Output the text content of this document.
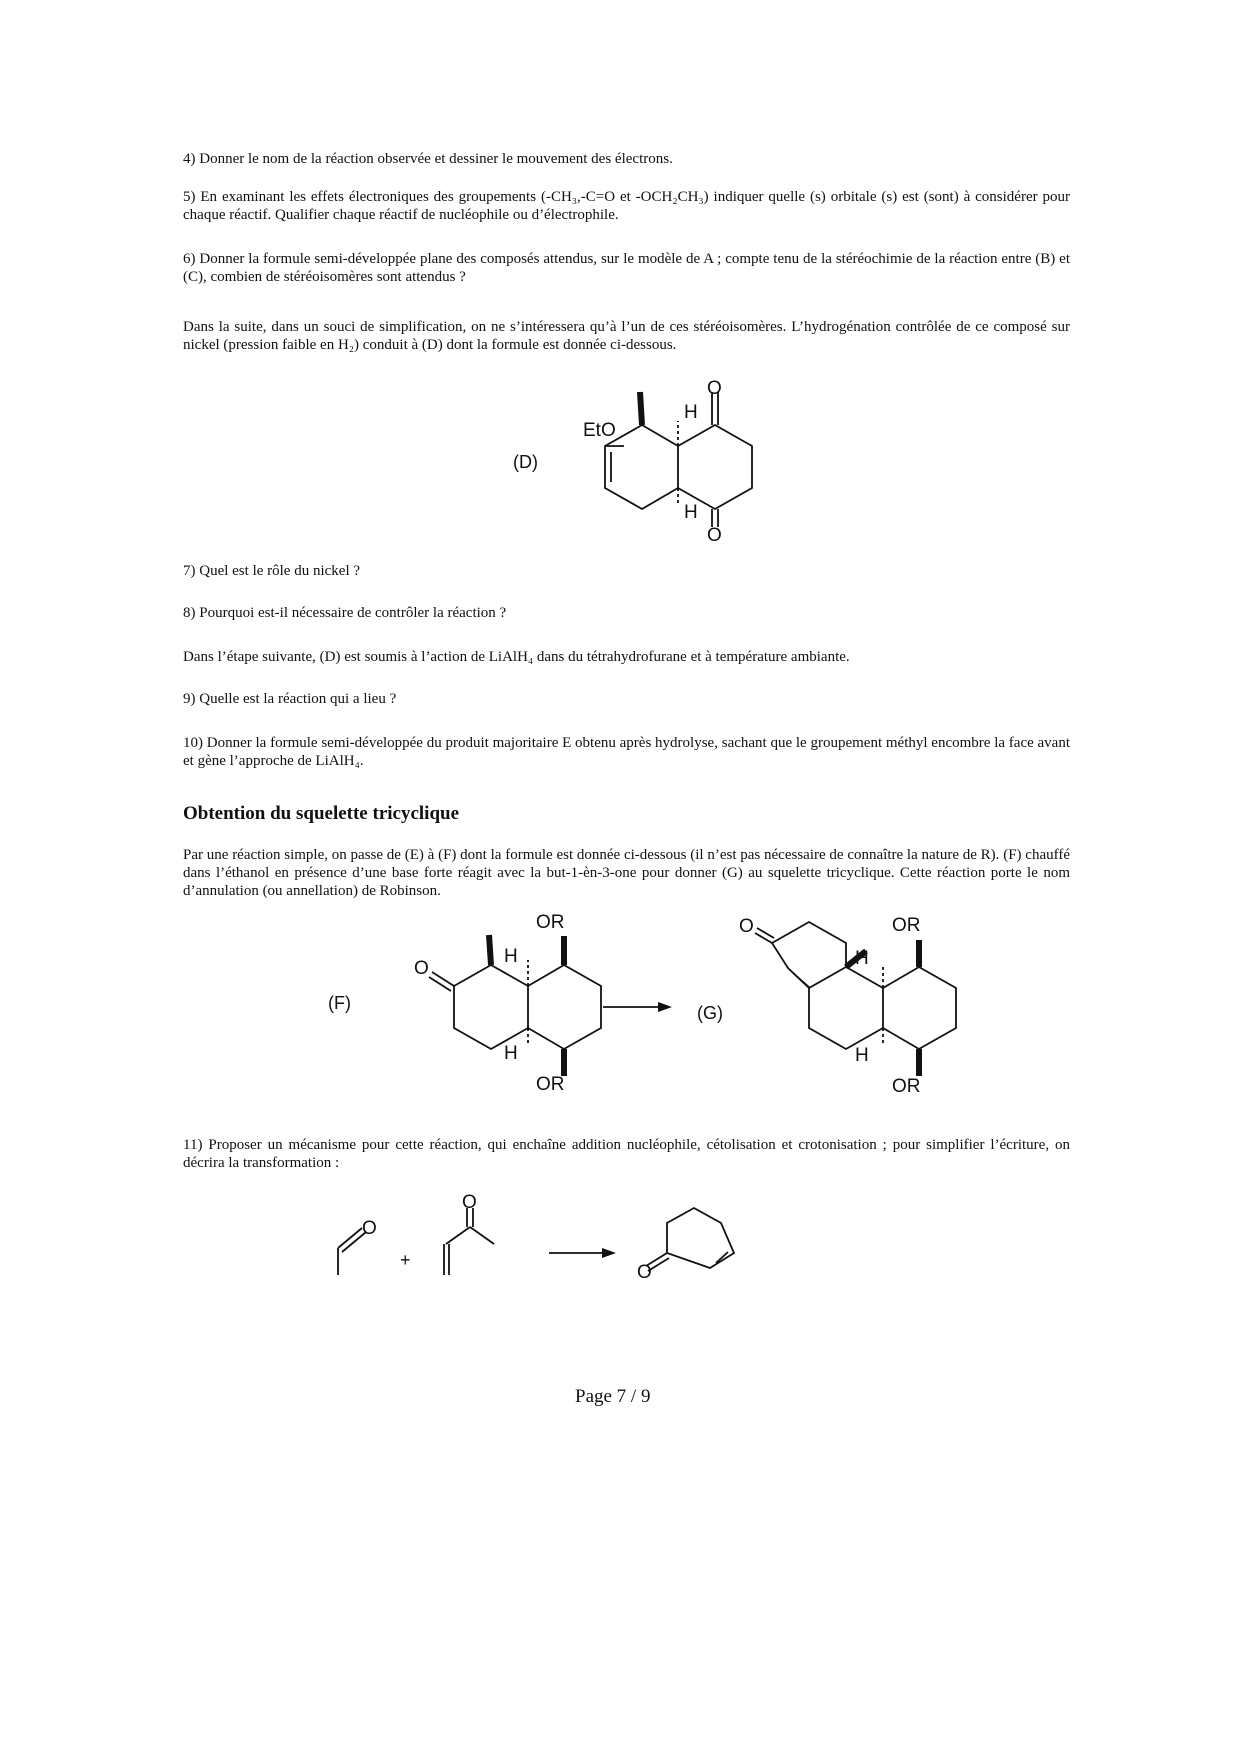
4) Donner le nom de la réaction observée et dessiner le mouvement des électrons.

5) En examinant les effets électroniques des groupements (-CH₃,-C=O et -OCH₂CH₃) indiquer quelle (s) orbitale (s) est (sont) à considérer pour chaque réactif. Qualifier chaque réactif de nucléophile ou d’électrophile.

6) Donner la formule semi-développée plane des composés attendus, sur le modèle de A ; compte tenu de la stéréochimie de la réaction entre (B) et (C), combien de stéréoisomères sont attendus ?

Dans la suite, dans un souci de simplification, on ne s’intéressera qu’à l’un de ces stéréoisomères. L’hydrogénation contrôlée de ce composé sur nickel (pression faible en H₂) conduit à (D) dont la formule est donnée ci-dessous.

(D)
EtO
O
O
H
H

7) Quel est le rôle du nickel ?

8) Pourquoi est-il nécessaire de contrôler la réaction ?

Dans l’étape suivante, (D) est soumis à l’action de LiAlH₄ dans du tétrahydrofurane et à température ambiante.

9) Quelle est la réaction qui a lieu ?

10) Donner la formule semi-développée du produit majoritaire E obtenu après hydrolyse, sachant que le groupement méthyl encombre la face avant et gène l’approche de LiAlH₄.

Obtention du squelette tricyclique

Par une réaction simple, on passe de (E) à (F) dont la formule est donnée ci-dessous (il n’est pas nécessaire de connaître la nature de R). (F) chauffé dans l’éthanol en présence d’une base forte réagit avec la but-1-èn-3-one pour donner (G) au squelette tricyclique. Cette réaction porte le nom d’annulation (ou annellation) de Robinson.

(F)
O
H
H
OR
OR
(G)
O
H
H
OR
OR

11) Proposer un mécanisme pour cette réaction, qui enchaîne addition nucléophile, cétolisation et crotonisation ; pour simplifier l’écriture, on décrira la transformation :

O
O
+
O
Page 7 / 9
